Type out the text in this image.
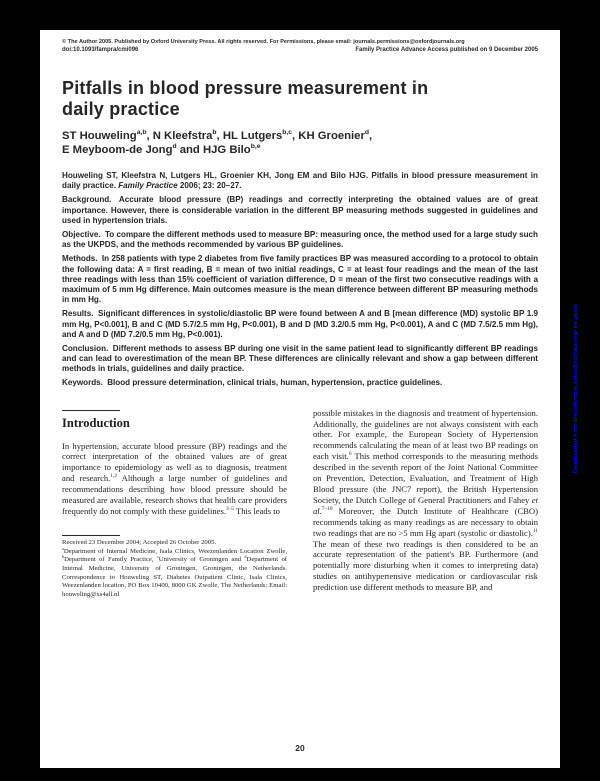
© The Author 2005. Published by Oxford University Press. All rights reserved. For Permissions, please email: journals.permissions@oxfordjournals.org
doi:10.1093/fampra/cmi096	Family Practice Advance Access published on 9 December 2005
Pitfalls in blood pressure measurement in
daily practice
ST Houweling$^{a,b}$, N Kleefstra$^b$, HL Lutgers$^{b,c}$, KH Groenier$^d$,
E Meyboom-de Jong$^d$ and HJG Bilo$^{b,e}$

Houweling ST, Kleefstra N, Lutgers HL, Groenier KH, Jong EM and Bilo HJG. Pitfalls in blood pressure measurement in daily practice. Family Practice 2006; 23: 20–27.

Background. Accurate blood pressure (BP) readings and correctly interpreting the obtained values are of great importance. However, there is considerable variation in the different BP measuring methods suggested in guidelines and used in hypertension trials.

Objective. To compare the different methods used to measure BP: measuring once, the method used for a large study such as the UKPDS, and the methods recommended by various BP guidelines.

Methods. In 258 patients with type 2 diabetes from five family practices BP was measured according to a protocol to obtain the following data: A = first reading, B = mean of two initial readings, C = at least four readings and the mean of the last three readings with less than 15% coefficient of variation difference, D = mean of the first two consecutive readings with a maximum of 5 mm Hg difference. Main outcomes measure is the mean difference between different BP measuring methods in mm Hg.

Results. Significant differences in systolic/diastolic BP were found between A and B [mean difference (MD) systolic BP 1.9 mm Hg, P<0.001], B and C (MD 5.7/2.5 mm Hg, P<0.001), B and D (MD 3.2/0.5 mm Hg, P<0.001), A and C (MD 7.5/2.5 mm Hg), and A and D (MD 7.2/0.5 mm Hg, P<0.001).

Conclusion. Different methods to assess BP during one visit in the same patient lead to significantly different BP readings and can lead to overestimation of the mean BP. These differences are clinically relevant and show a gap between different methods in trials, guidelines and daily practice.

Keywords. Blood pressure determination, clinical trials, human, hypertension, practice guidelines.

Introduction

In hypertension, accurate blood pressure (BP) readings and the correct interpretation of the obtained values are of great importance to epidemiology as well as to diagnosis, treatment and research.$^{1,2}$ Although a large number of guidelines and recommendations describing how blood pressure should be measured are available, research shows that health care providers frequently do not comply with these guidelines.$^{3-5}$ This leads to

Received 23 December 2004; Accepted 26 October 2005.
$^a$Department of Internal Medicine, Isala Clinics, Weezenlanden Location Zwolle, $^b$Department of Family Practice, $^c$University of Groningen and $^d$Department of Internal Medicine, University of Groningen, Groningen, the Netherlands. Correspondence to Houweling ST, Diabetes Outpatient Clinic, Isala Clinics, Weezenlanden location, PO Box 10400, 8000 GK Zwolle, The Netherlands; Email: houweling@xs4all.nl

possible mistakes in the diagnosis and treatment of hypertension. Additionally, the guidelines are not always consistent with each other. For example, the European Society of Hypertension recommends calculating the mean of at least two BP readings on each visit.$^6$ This method corresponds to the measuring methods described in the seventh report of the Joint National Committee on Prevention, Detection, Evaluation, and Treatment of High Blood pressure (the JNC7 report), the British Hypertension Society, the Dutch College of General Practitioners and Fahey et al.$^{7-10}$ Moreover, the Dutch Institute of Healthcare (CBO) recommends taking as many readings as are necessary to obtain two readings that are no >5 mm Hg apart (systolic or diastolic).$^{11}$ The mean of these two readings is then considered to be an accurate representation of the patient's BP. Furthermore (and potentially more disturbing when it comes to interpreting data) studies on antihypertensive medication or cardiovascular risk prediction use different methods to measure BP, and

20
Downloaded from http://fampra.oxfordjournals.org/ by guest
